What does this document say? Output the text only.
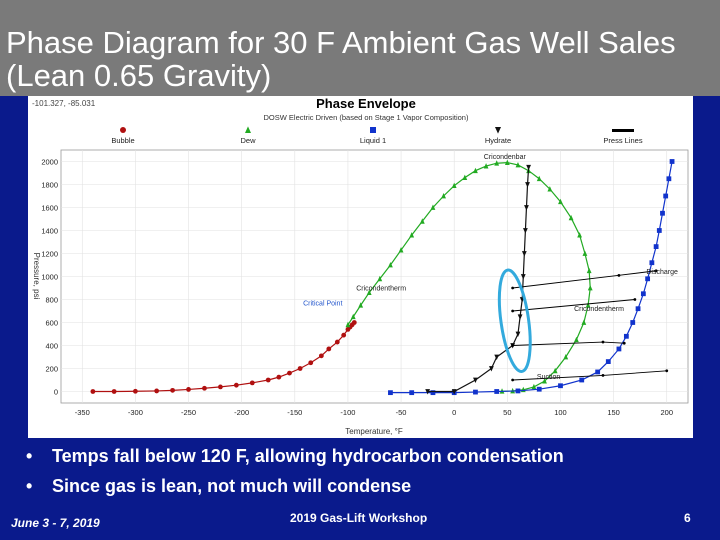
Phase Diagram for 30 F Ambient Gas Well Sales (Lean 0.65 Gravity)
-101.327, -85.031	Phase Envelope
DOSW Electric Driven (based on Stage 1 Vapor Composition)
Bubble	Dew	Liquid 1	Hydrate	Press Lines
-350	-300	-250	-200	-150	-100	-50	0	50	100	150	200
0
200
400
600
800
1000
1200
1400
1600
1800
2000	Cricondenbar
Discharge
Cricondentherm
Critical Point
Cricondentherm
Suction
Temperature, °F
Pressure, psi
• Temps fall below 120 F, allowing hydrocarbon condensation
• Since gas is lean, not much will condense
June 3 - 7, 2019	2019 Gas-Lift Workshop	6
